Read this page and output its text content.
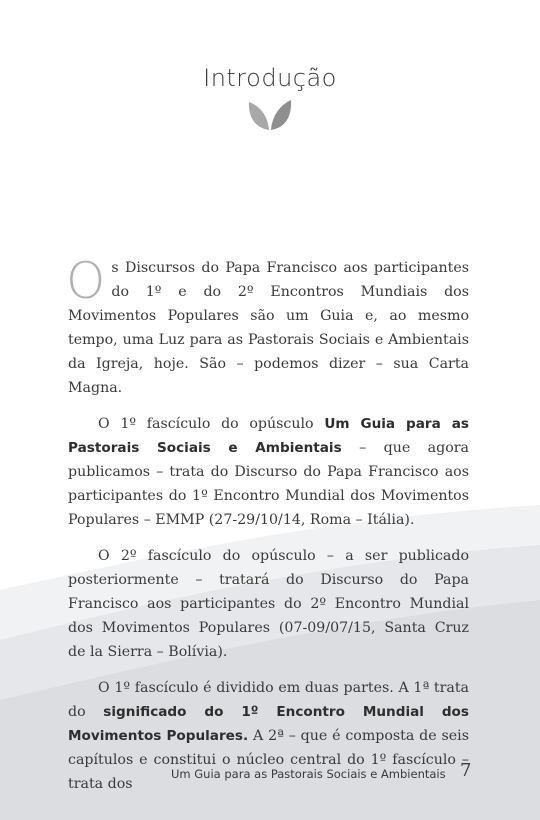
Introdução

Os Discursos do Papa Francisco aos participantes do 1º e do 2º Encontros Mundiais dos Movimentos Populares são um Guia e, ao mesmo tempo, uma Luz para as Pastorais Sociais e Ambientais da Igreja, hoje. São – podemos dizer – sua Carta Magna.

O 1º fascículo do opúsculo Um Guia para as Pastorais Sociais e Ambientais – que agora publicamos – trata do Discurso do Papa Francisco aos participantes do 1º Encontro Mundial dos Movimentos Populares – EMMP (27-29/10/14, Roma – Itália).

O 2º fascículo do opúsculo – a ser publicado posteriormente – tratará do Discurso do Papa Francisco aos participantes do 2º Encontro Mundial dos Movimentos Populares (07-09/07/15, Santa Cruz de la Sierra – Bolívia).

O 1º fascículo é dividido em duas partes. A 1ª trata do significado do 1º Encontro Mundial dos Movimentos Populares. A 2ª – que é composta de seis capítulos e constitui o núcleo central do 1º fascículo – trata dos

Um Guia para as Pastorais Sociais e Ambientais 7
